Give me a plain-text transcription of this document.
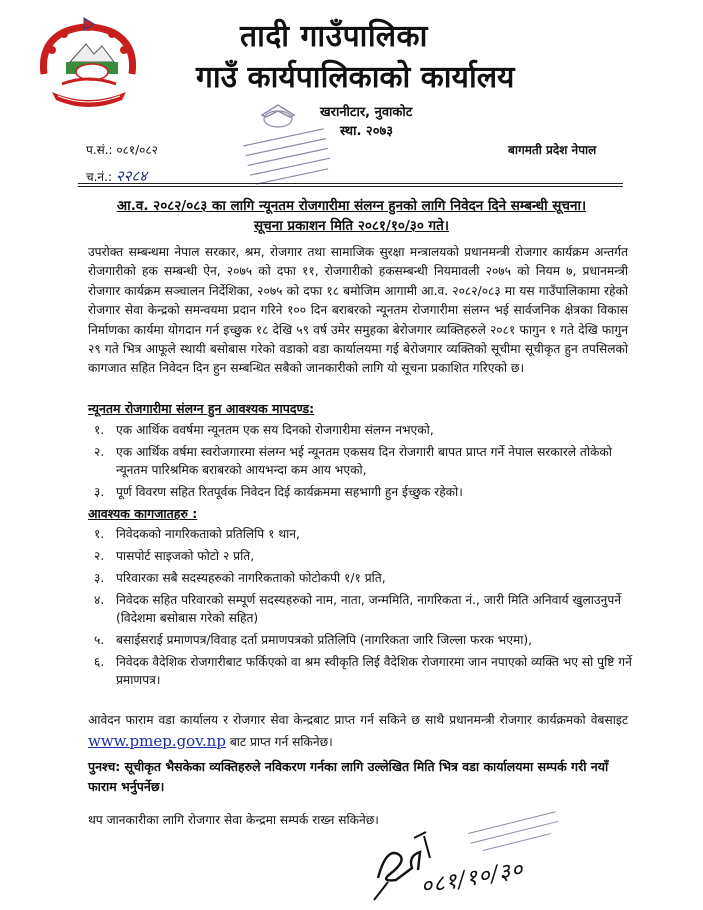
तादी गाउँपालिका
गाउँ कार्यपालिकाको कार्यालय
खरानीटार, नुवाकोट
स्था. २०७३
बागमती प्रदेश नेपाल
प.सं.: ०८१/०८२
च.नं.: २२८४
आ.व. २०८२/०८३ का लागि न्यूनतम रोजगारीमा संलग्न हुनको लागि निवेदन दिने सम्बन्धी सूचना।
सूचना प्रकाशन मिति २०८१/१०/३० गते।
उपरोक्त सम्बन्धमा नेपाल सरकार, श्रम, रोजगार तथा सामाजिक सुरक्षा मन्त्रालयको प्रधानमन्त्री रोजगार कार्यक्रम अन्तर्गत रोजगारीको हक सम्बन्धी ऐन, २०७५ को दफा ११, रोजगारीको हकसम्बन्धी नियमावली २०७५ को नियम ७, प्रधानमन्त्री रोजगार कार्यक्रम सञ्चालन निर्देशिका, २०७५ को दफा १८ बमोजिम आगामी आ.व. २०८२/०८३ मा यस गाउँपालिकामा रहेको रोजगार सेवा केन्द्रको समन्वयमा प्रदान गरिने १०० दिन बराबरको न्यूनतम रोजगारीमा संलग्न भई सार्वजनिक क्षेत्रका विकास निर्माणका कार्यमा योगदान गर्न इच्छुक १८ देखि ५९ वर्ष उमेर समुहका बेरोजगार व्यक्तिहरुले २०८१ फागुन १ गते देखि फागुन २९ गते भित्र आफूले स्थायी बसोबास गरेको वडाको वडा कार्यालयमा गई बेरोजगार व्यक्तिको सूचीमा सूचीकृत हुन तपसिलको कागजात सहित निवेदन दिन हुन सम्बन्धित सबैको जानकारीको लागि यो सूचना प्रकाशित गरिएको छ।
न्यूनतम रोजगारीमा संलग्न हुन आवश्यक मापदण्ड:
१. एक आर्थिक ववर्षमा न्यूनतम एक सय दिनको रोजगारीमा संलग्न नभएको,
२. एक आर्थिक वर्षमा स्वरोजगारमा संलग्न भई न्यूनतम एकसय दिन रोजगारी बापत प्राप्त गर्ने नेपाल सरकारले तोकेको न्यूनतम पारिश्रमिक बराबरको आयभन्दा कम आय भएको,
३. पूर्ण विवरण सहित रितपूर्वक निवेदन दिई कार्यक्रममा सहभागी हुन ईच्छुक रहेको।
आवश्यक कागजातहरु :
१. निवेदकको नागरिकताको प्रतिलिपि १ थान,
२. पासपोर्ट साइजको फोटो २ प्रति,
३. परिवारका सबै सदस्यहरुको नागरिकताको फोटोकपी १/१ प्रति,
४. निवेदक सहित परिवारको सम्पूर्ण सदस्यहरुको नाम, नाता, जन्ममिति, नागरिकता नं., जारी मिति अनिवार्य खुलाउनुपर्ने (विदेशमा बसोबास गरेको सहित)
५. बसाईसराई प्रमाणपत्र/विवाह दर्ता प्रमाणपत्रको प्रतिलिपि (नागरिकता जारि जिल्ला फरक भएमा),
६. निवेदक वैदेशिक रोजगारीबाट फर्किएको वा श्रम स्वीकृति लिई वैदेशिक रोजगारमा जान नपाएको व्यक्ति भए सो पुष्टि गर्ने प्रमाणपत्र।
आवेदन फाराम वडा कार्यालय र रोजगार सेवा केन्द्रबाट प्राप्त गर्न सकिने छ साथै प्रधानमन्त्री रोजगार कार्यक्रमको वेबसाइट www.pmep.gov.np बाट प्राप्त गर्न सकिनेछ।
पुनश्च: सूचीकृत भैसकेका व्यक्तिहरुले नविकरण गर्नका लागि उल्लेखित मिति भित्र वडा कार्यालयमा सम्पर्क गरी नयाँ फाराम भर्नुपर्नेछ।
थप जानकारीका लागि रोजगार सेवा केन्द्रमा सम्पर्क राख्न सकिनेछ।
०८१/१०/३०
